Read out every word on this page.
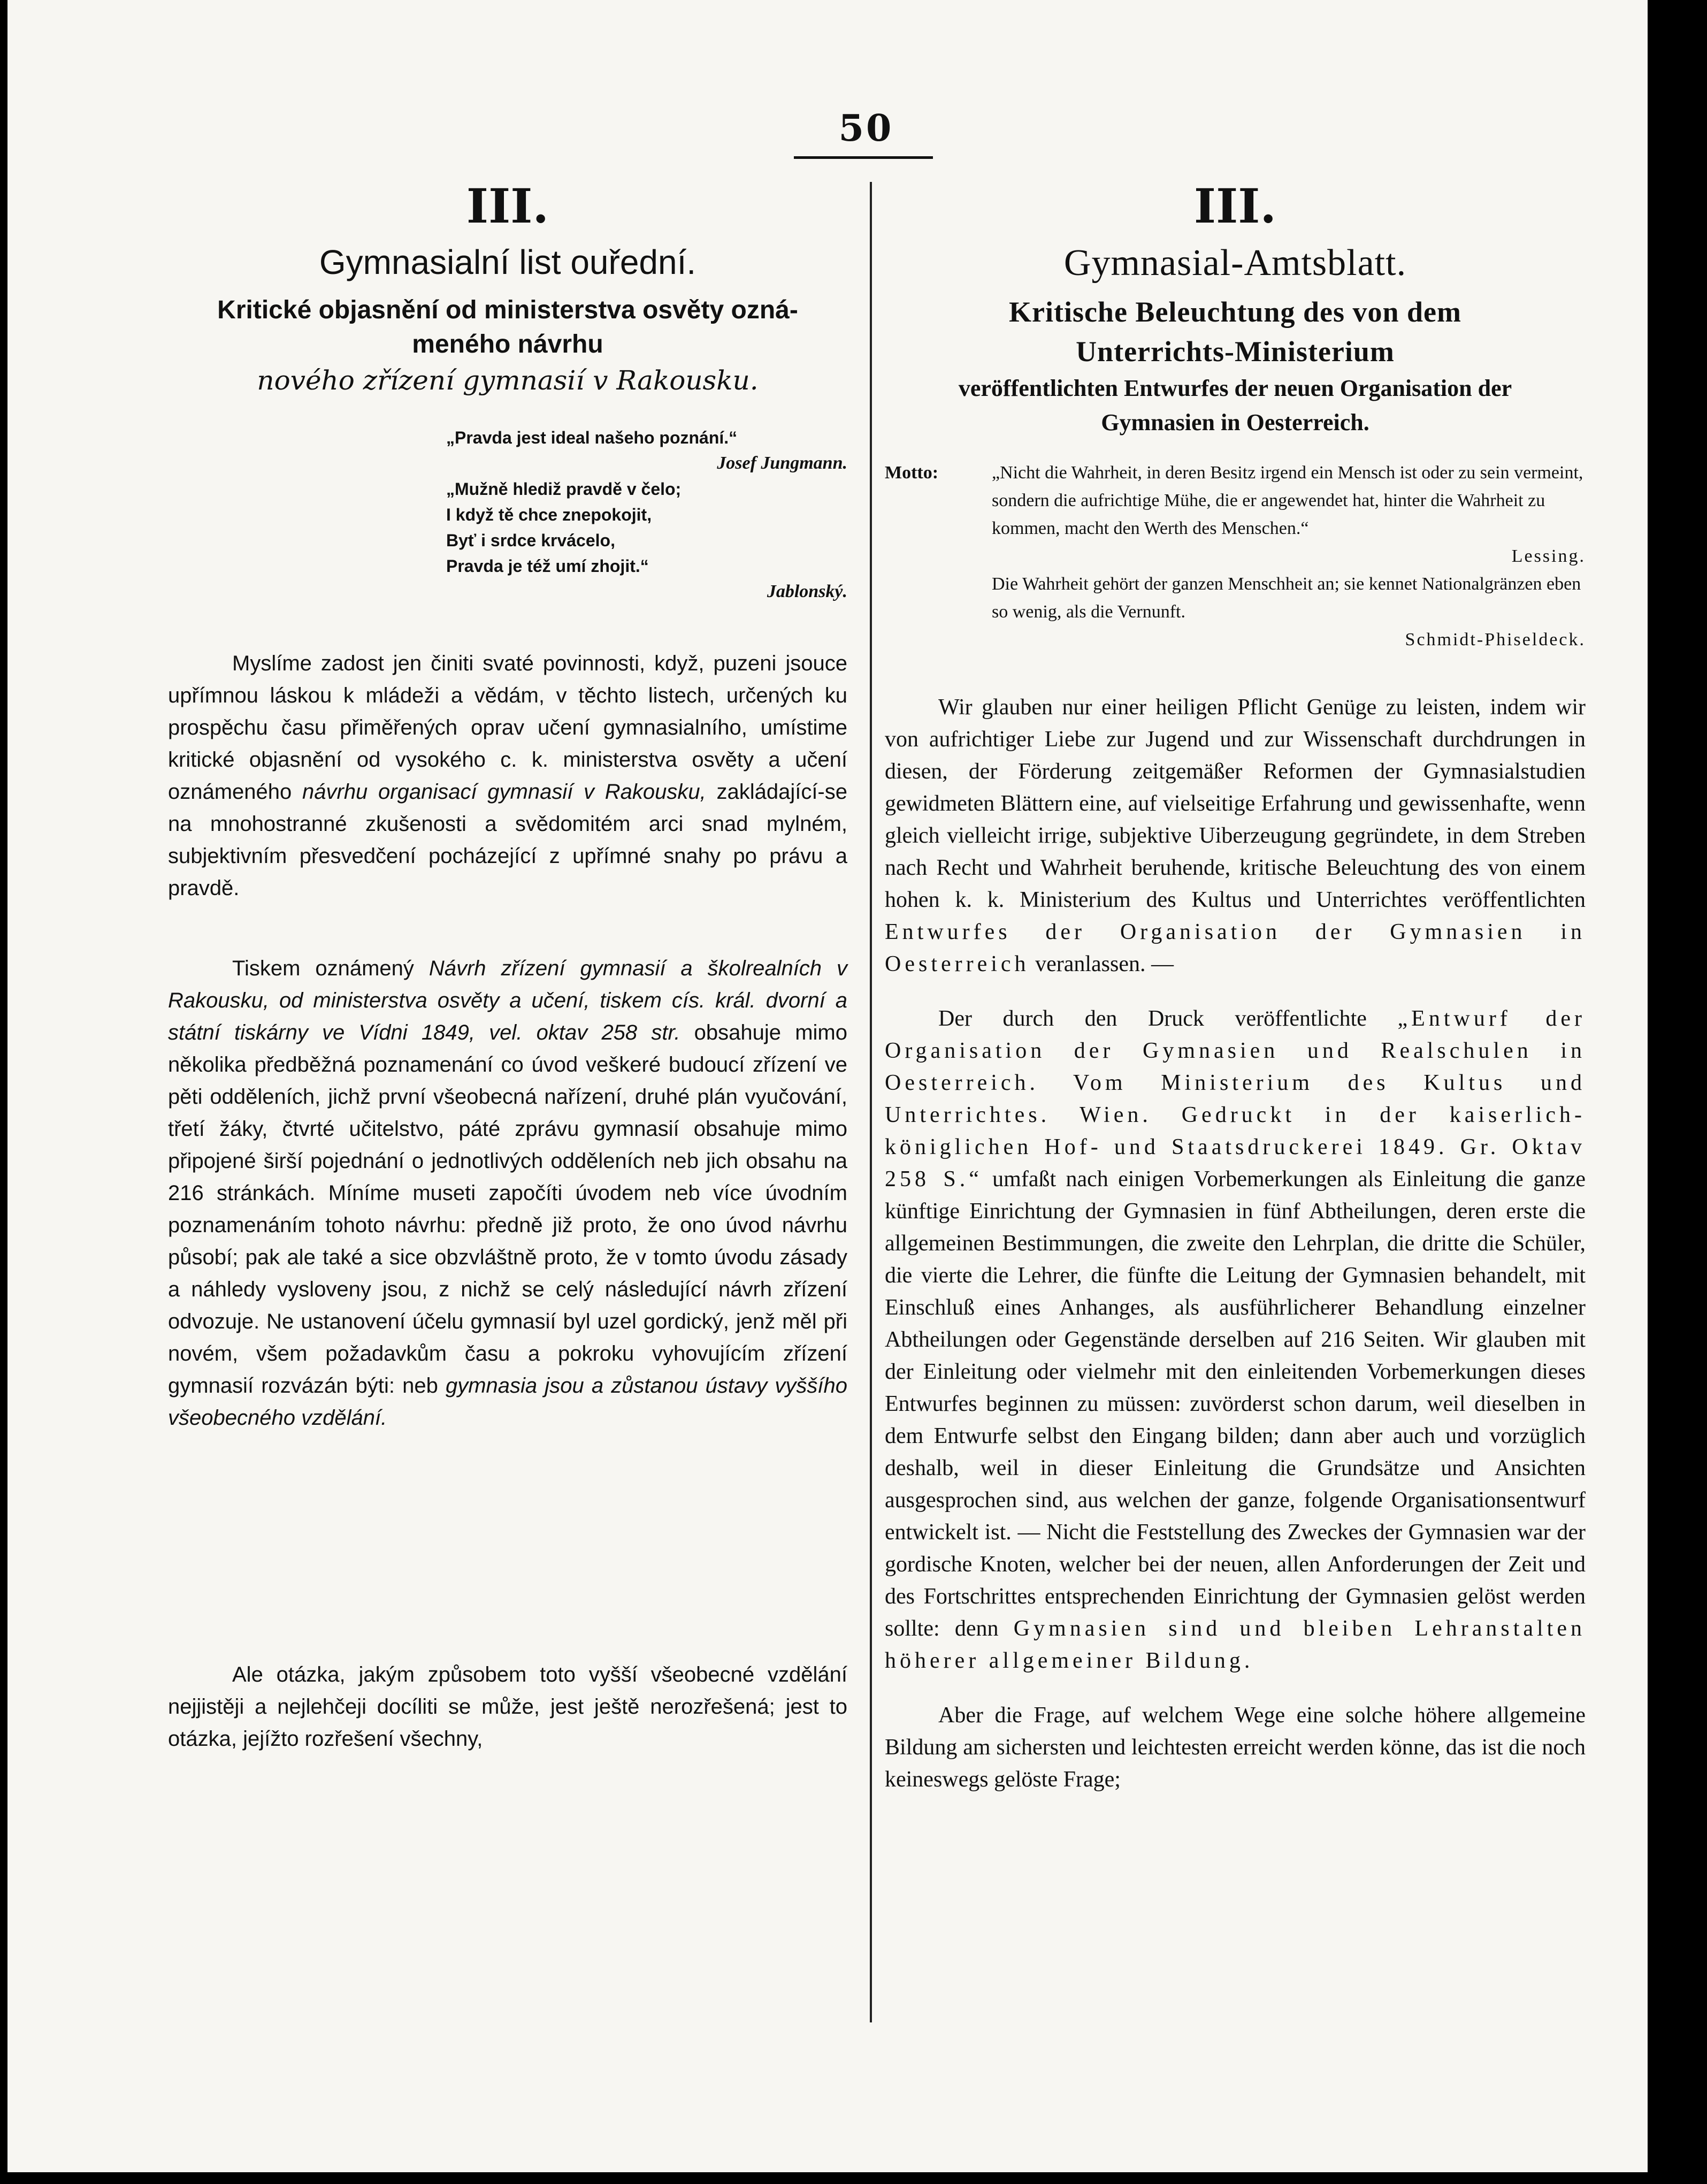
50
III.
Gymnasialní list ouřední.
Kritické objasnění od ministerstva osvěty ozná-
meného návrhu
nového zřízení gymnasií v Rakousku.
„Pravda jest ideal našeho poznání.“
Josef Jungmann.
„Mužně hlediž pravdě v čelo;
I když tě chce znepokojit,
Byť i srdce krvácelo,
Pravda je též umí zhojit.“
Jablonský.

Myslíme zadost jen činiti svaté povinnosti, když, puzeni jsouce upřímnou láskou k mládeži a vědám, v těchto listech, určených ku prospěchu času přiměřených oprav učení gymnasialního, umístime kritické objasnění od vysokého c. k. ministerstva osvěty a učení oznámeného návrhu organisací gymnasií v Rakousku, zakládající-se na mnohostranné zkušenosti a svědomitém arci snad mylném, subjektivním přesvedčení pocházející z upřímné snahy po právu a pravdě.

Tiskem oznámený Návrh zřízení gymnasií a školrealních v Rakousku, od ministerstva osvěty a učení, tiskem cís. král. dvorní a státní tiskárny ve Vídni 1849, vel. oktav 258 str. obsahuje mimo několika předběžná poznamenání co úvod veškeré budoucí zřízení ve pěti odděleních, jichž první všeobecná nařízení, druhé plán vyučování, třetí žáky, čtvrté učitelstvo, páté zprávu gymnasií obsahuje mimo připojené širší pojednání o jednotlivých odděleních neb jich obsahu na 216 stránkách. Míníme museti započíti úvodem neb více úvodním poznamenáním tohoto návrhu: předně již proto, že ono úvod návrhu působí; pak ale také a sice obzvláštně proto, že v tomto úvodu zásady a náhledy vysloveny jsou, z nichž se celý následující návrh zřízení odvozuje. Ne ustanovení účelu gymnasií byl uzel gordický, jenž měl při novém, všem požadavkům času a pokroku vyhovujícím zřízení gymnasií rozvázán býti: neb gymnasia jsou a zůstanou ústavy vyššího všeobecného vzdělání.

Ale otázka, jakým způsobem toto vyšší všeobecné vzdělání nejjistěji a nejlehčeji docíliti se může, jest ještě nerozřešená; jest to otázka, jejížto rozřešení všechny,

III.
Gymnasial-Amtsblatt.
Kritische Beleuchtung des von dem
Unterrichts-Ministerium
veröffentlichten Entwurfes der neuen Organisation der
Gymnasien in Oesterreich.
Motto:	„Nicht die Wahrheit, in deren Besitz irgend ein Mensch ist oder zu sein vermeint, sondern die aufrichtige Mühe, die er angewendet hat, hinter die Wahrheit zu kommen, macht den Werth des Menschen.“
Lessing.
Die Wahrheit gehört der ganzen Menschheit an; sie kennet Nationalgränzen eben so wenig, als die Vernunft.
Schmidt-Phiseldeck.

Wir glauben nur einer heiligen Pflicht Genüge zu leisten, indem wir von aufrichtiger Liebe zur Jugend und zur Wissenschaft durchdrungen in diesen, der Förderung zeitgemäßer Reformen der Gymnasialstudien gewidmeten Blättern eine, auf vielseitige Erfahrung und gewissenhafte, wenn gleich vielleicht irrige, subjektive Uiberzeugung gegründete, in dem Streben nach Recht und Wahrheit beruhende, kritische Beleuchtung des von einem hohen k. k. Ministerium des Kultus und Unterrichtes veröffentlichten Entwurfes der Organisation der Gymnasien in Oesterreich veranlassen. —

Der durch den Druck veröffentlichte „Entwurf der Organisation der Gymnasien und Realschulen in Oesterreich. Vom Ministerium des Kultus und Unterrichtes. Wien. Gedruckt in der kaiserlich-königlichen Hof- und Staatsdruckerei 1849. Gr. Oktav 258 S.“ umfaßt nach einigen Vorbemerkungen als Einleitung die ganze künftige Einrichtung der Gymnasien in fünf Abtheilungen, deren erste die allgemeinen Bestimmungen, die zweite den Lehrplan, die dritte die Schüler, die vierte die Lehrer, die fünfte die Leitung der Gymnasien behandelt, mit Einschluß eines Anhanges, als ausführlicherer Behandlung einzelner Abtheilungen oder Gegenstände derselben auf 216 Seiten. Wir glauben mit der Einleitung oder vielmehr mit den einleitenden Vorbemerkungen dieses Entwurfes beginnen zu müssen: zuvörderst schon darum, weil dieselben in dem Entwurfe selbst den Eingang bilden; dann aber auch und vorzüglich deshalb, weil in dieser Einleitung die Grundsätze und Ansichten ausgesprochen sind, aus welchen der ganze, folgende Organisationsentwurf entwickelt ist. — Nicht die Feststellung des Zweckes der Gymnasien war der gordische Knoten, welcher bei der neuen, allen Anforderungen der Zeit und des Fortschrittes entsprechenden Einrichtung der Gymnasien gelöst werden sollte: denn Gymnasien sind und bleiben Lehranstalten höherer allgemeiner Bildung.

Aber die Frage, auf welchem Wege eine solche höhere allgemeine Bildung am sichersten und leichtesten erreicht werden könne, das ist die noch keineswegs gelöste Frage;
